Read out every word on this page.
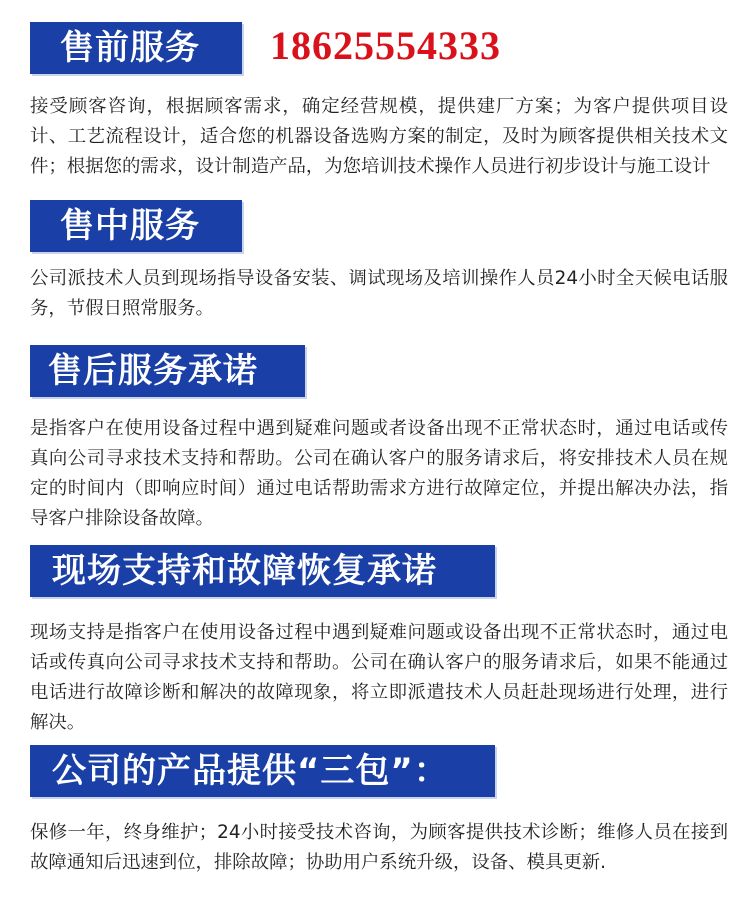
售前服务 18625554333

接受顾客咨询，根据顾客需求，确定经营规模，提供建厂方案；为客户提供项目设计、工艺流程设计，适合您的机器设备选购方案的制定，及时为顾客提供相关技术文件；根据您的需求，设计制造产品，为您培训技术操作人员进行初步设计与施工设计

售中服务

公司派技术人员到现场指导设备安装、调试现场及培训操作人员24小时全天候电话服务，节假日照常服务。

售后服务承诺

是指客户在使用设备过程中遇到疑难问题或者设备出现不正常状态时，通过电话或传真向公司寻求技术支持和帮助。公司在确认客户的服务请求后，将安排技术人员在规定的时间内（即响应时间）通过电话帮助需求方进行故障定位，并提出解决办法，指导客户排除设备故障。

现场支持和故障恢复承诺

现场支持是指客户在使用设备过程中遇到疑难问题或设备出现不正常状态时，通过电话或传真向公司寻求技术支持和帮助。公司在确认客户的服务请求后，如果不能通过电话进行故障诊断和解决的故障现象，将立即派遣技术人员赶赴现场进行处理，进行解决。

公司的产品提供“三包”：

保修一年，终身维护；24小时接受技术咨询，为顾客提供技术诊断；维修人员在接到故障通知后迅速到位，排除故障；协助用户系统升级，设备、模具更新.
